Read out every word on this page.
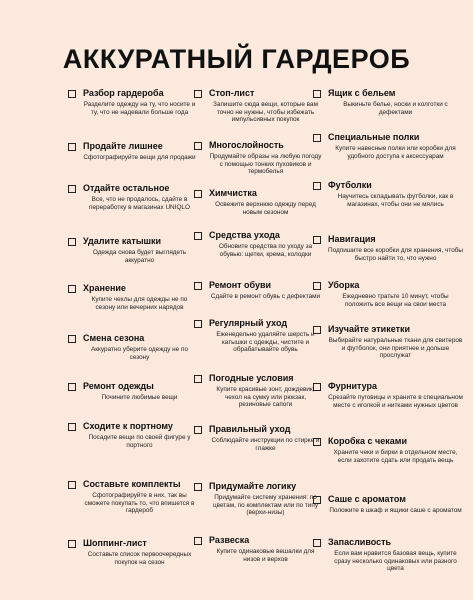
АККУРАТНЫЙ ГАРДЕРОБ
Разбор гардероба
Разделите одежду на ту, что носите и ту, что не надевали больше года
Продайте лишнее
Сфотографируйте вещи для продажи
Отдайте остальное
Все, что не продалось, сдайте в переработку в магазинах UNIQLO
Удалите катышки
Одежда снова будет выглядеть аккуратно
Хранение
Купите чехлы для одежды не по сезону или вечерних нарядов
Смена сезона
Аккуратно уберите одежду не по сезону
Ремонт одежды
Почините любимые вещи
Сходите к портному
Посадите вещи по своей фигуре у портного
Составьте комплекты
Сфотографируйте в них, так вы сможете покупать то, что впишется в гардероб
Шоппинг-лист
Составьте список первоочередных покупок на сезон
Стоп-лист
Запишите сюда вещи, которые вам точно не нужны, чтобы избежать импульсивных покупок
Многослойность
Продумайте образы на любую погоду с помощью тонких пуховиков и термобелья
Химчистка
Освежите верхнюю одежду перед новым сезоном
Средства ухода
Обновите средства по уходу за обувью: щетки, крема, колодки
Ремонт обуви
Сдайте в ремонт обувь с дефектами
Регулярный уход
Еженедельно удаляйте шерсть и катышки с одежды, чистите и обрабатывайте обувь
Погодные условия
Купите красивые зонт, дождевик, чехол на сумку или рюкзак, резиновые сапоги
Правильный уход
Соблюдайте инструкции по стирке и глажке
Придумайте логику
Придумайте систему хранения: по цветам, по комплектам или по типу (верхи-низы)
Развеска
Купите одинаковые вешалки для низов и верхов
Ящик с бельем
Выкиньте белье, носки и колготки с дефектами
Специальные полки
Купите навесные полки или коробки для удобного доступа к аксессуарам
Футболки
Научитесь складывать футболки, как в магазинах, чтобы они не мялись
Навигация
Подпишите все коробки для хранения, чтобы быстро найти то, что нужно
Уборка
Ежедневно тратьте 10 минут, чтобы положить все вещи на свои места
Изучайте этикетки
Выбирайте натуральные ткани для свитеров и футболок, они приятнее и дольше прослужат
Фурнитура
Срезайте пуговицы и храните в специальном месте с иголкой и нитками нужных цветов
Коробка с чеками
Храните чеки и бирки в отдельном месте, если захотите сдать или продать вещь
Саше с ароматом
Положите в шкаф и ящики саше с ароматом
Запасливость
Если вам нравится базовая вещь, купите сразу несколько одинаковых или разного цвета
